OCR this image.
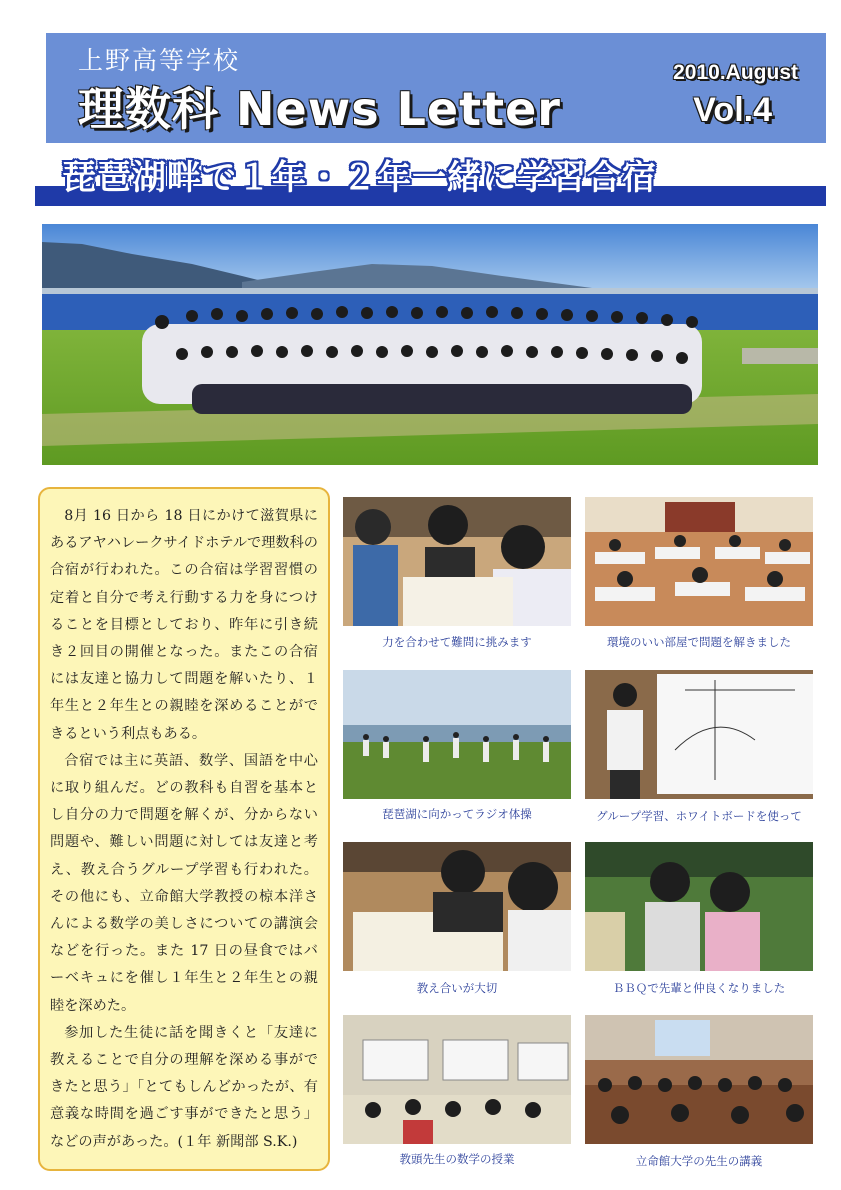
上野高等学校
理数科 News Letter
2010.August
Vol.4
琵琶湖畔で１年・２年一緒に学習合宿

8月 16 日から 18 日にかけて滋賀県にあるアヤハレークサイドホテルで理数科の合宿が行われた。この合宿は学習習慣の定着と自分で考え行動する力を身につけることを目標としており、昨年に引き続き２回目の開催となった。またこの合宿には友達と協力して問題を解いたり、１年生と２年生との親睦を深めることができるという利点もある。

合宿では主に英語、数学、国語を中心に取り組んだ。どの教科も自習を基本とし自分の力で問題を解くが、分からない問題や、難しい問題に対しては友達と考え、教え合うグループ学習も行われた。その他にも、立命館大学教授の椋本洋さんによる数学の美しさについての講演会などを行った。また 17 日の昼食ではバーベキュにを催し１年生と２年生との親睦を深めた。

参加した生徒に話を聞きくと「友達に教えることで自分の理解を深める事ができたと思う」「とてもしんどかったが、有意義な時間を過ごす事ができたと思う」などの声があった。(１年 新聞部 S.K.)

力を合わせて難問に挑みます	環境のいい部屋で問題を解きました
琵琶湖に向かってラジオ体操	グループ学習、ホワイトボードを使って
教え合いが大切	ＢＢＱで先輩と仲良くなりました
教頭先生の数学の授業	立命館大学の先生の講義
